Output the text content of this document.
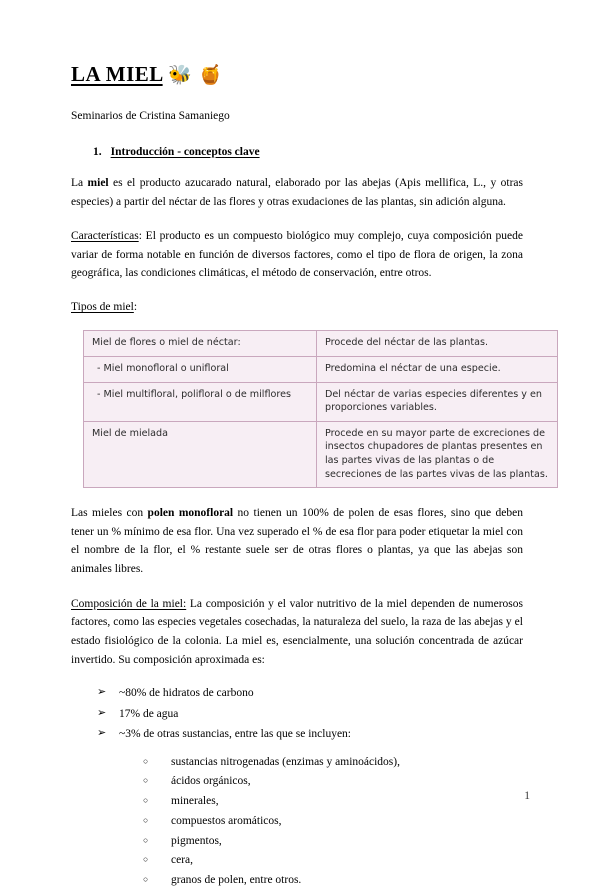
LA MIEL 🐝 🍯

Seminarios de Cristina Samaniego

1. Introducción - conceptos clave

La miel es el producto azucarado natural, elaborado por las abejas (Apis mellifica, L., y otras especies) a partir del néctar de las flores y otras exudaciones de las plantas, sin adición alguna.

Características: El producto es un compuesto biológico muy complejo, cuya composición puede variar de forma notable en función de diversos factores, como el tipo de flora de origen, la zona geográfica, las condiciones climáticas, el método de conservación, entre otros.

Tipos de miel:

Miel de flores o miel de néctar:	Procede del néctar de las plantas.
- Miel monofloral o unifloral	Predomina el néctar de una especie.
- Miel multifloral, polifloral o de milflores	Del néctar de varias especies diferentes y en proporciones variables.
Miel de mielada	Procede en su mayor parte de excreciones de insectos chupadores de plantas presentes en las partes vivas de las plantas o de secreciones de las partes vivas de las plantas.

Las mieles con polen monofloral no tienen un 100% de polen de esas flores, sino que deben tener un % mínimo de esa flor. Una vez superado el % de esa flor para poder etiquetar la miel con el nombre de la flor, el % restante suele ser de otras flores o plantas, ya que las abejas son animales libres.

Composición de la miel: La composición y el valor nutritivo de la miel dependen de numerosos factores, como las especies vegetales cosechadas, la naturaleza del suelo, la raza de las abejas y el estado fisiológico de la colonia. La miel es, esencialmente, una solución concentrada de azúcar invertido. Su composición aproximada es:

➢ ~80% de hidratos de carbono
➢ 17% de agua
➢ ~3% de otras sustancias, entre las que se incluyen:
○ sustancias nitrogenadas (enzimas y aminoácidos),
○ ácidos orgánicos,
○ minerales,
○ compuestos aromáticos,
○ pigmentos,
○ cera,
○ granos de polen, entre otros.
1
